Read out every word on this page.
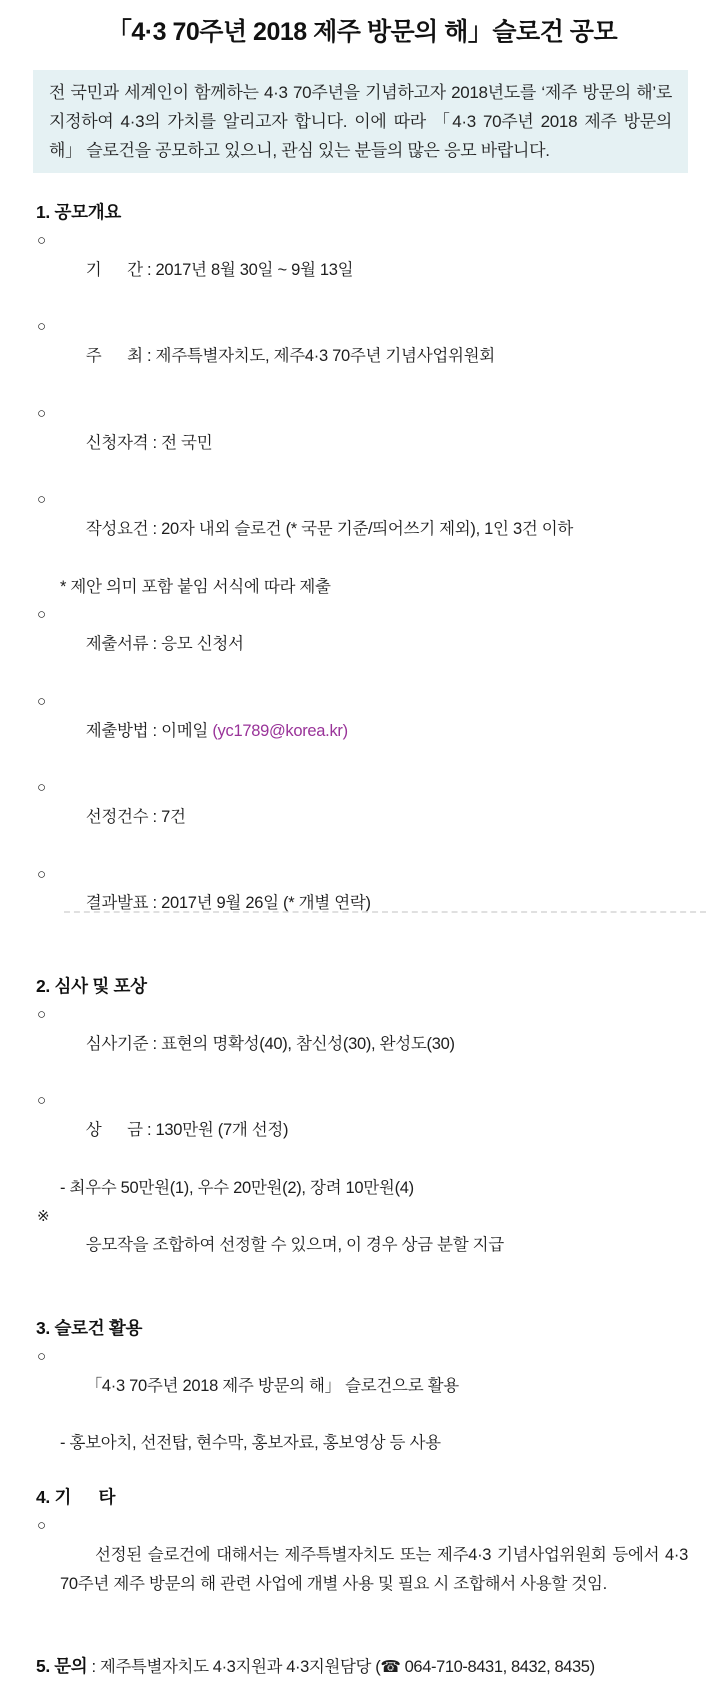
「4·3 70주년 2018 제주 방문의 해」슬로건 공모

전 국민과 세계인이 함께하는 4·3 70주년을 기념하고자 2018년도를 ‘제주 방문의 해’로 지정하여 4·3의 가치를 알리고자 합니다. 이에 따라 「4·3 70주년 2018 제주 방문의 해」 슬로건을 공모하고 있으니, 관심 있는 분들의 많은 응모 바랍니다.

1. 공모개요

○
기      간 : 2017년 8월 30일 ~ 9월 13일

○
주      최 : 제주특별자치도, 제주4·3 70주년 기념사업위원회

○
신청자격 : 전 국민

○
작성요건 : 20자 내외 슬로건 (* 국문 기준/띄어쓰기 제외), 1인 3건 이하

* 제안 의미 포함 붙임 서식에 따라 제출

○
제출서류 : 응모 신청서

○
제출방법 : 이메일 (yc1789@korea.kr)

○
선정건수 : 7건

○
결과발표 : 2017년 9월 26일 (* 개별 연락)

2. 심사 및 포상

○
심사기준 : 표현의 명확성(40), 참신성(30), 완성도(30)

○
상      금 : 130만원 (7개 선정)

- 최우수 50만원(1), 우수 20만원(2), 장려 10만원(4)

※
응모작을 조합하여 선정할 수 있으며, 이 경우 상금 분할 지급

3. 슬로건 활용

○
「4·3 70주년 2018 제주 방문의 해」 슬로건으로 활용

- 홍보아치, 선전탑, 현수막, 홍보자료, 홍보영상 등 사용
4. 기      타

○
선정된 슬로건에 대해서는 제주특별자치도 또는 제주4·3 기념사업위원회 등에서 4·3 70주년 제주 방문의 해 관련 사업에 개별 사용 및 필요 시 조합해서 사용할 것임.

5. 문의 : 제주특별자치도 4·3지원과 4·3지원담당 (☎ 064-710-8431, 8432, 8435)
